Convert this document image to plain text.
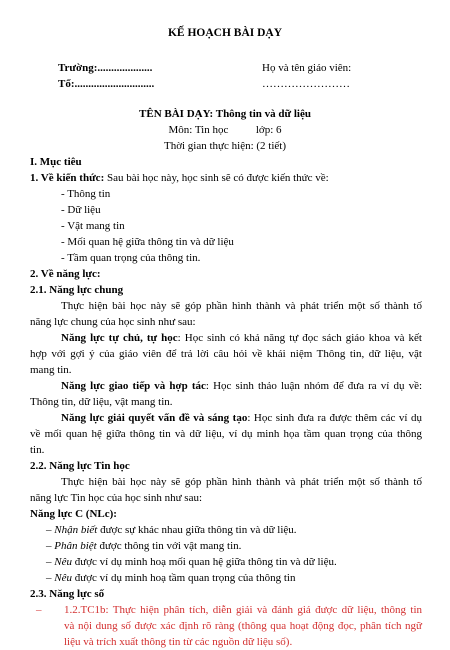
KẾ HOẠCH BÀI DẠY
Trường:....................
Tổ:.............................
Họ và tên giáo viên:
……………………
TÊN BÀI DẠY: Thông tin và dữ liệu
Môn: Tin học          lớp: 6
Thời gian thực hiện: (2 tiết)
I. Mục tiêu
1. Về kiến thức: Sau bài học này, học sinh sẽ có được kiến thức về:
- Thông tin
- Dữ liệu
- Vật mang tin
- Mối quan hệ giữa thông tin và dữ liệu
- Tầm quan trọng của thông tin.
2. Về năng lực:
2.1. Năng lực chung
Thực hiện bài học này sẽ góp phần hình thành và phát triển một số thành tố
năng lực chung của học sinh như sau:
Năng lực tự chủ, tự học: Học sinh có khả năng tự đọc sách giáo khoa và kết
hợp với gợi ý của giáo viên để trả lời câu hỏi về khái niệm Thông tin, dữ liệu, vật
mang tin.
Năng lực giao tiếp và hợp tác: Học sinh thảo luận nhóm để đưa ra ví dụ về:
Thông tin, dữ liệu, vật mang tin.
Năng lực giải quyết vấn đề và sáng tạo: Học sinh đưa ra được thêm các ví dụ
về mối quan hệ giữa thông tin và dữ liệu, ví dụ minh họa tầm quan trọng của thông
tin.
2.2. Năng lực Tin học
Thực hiện bài học này sẽ góp phần hình thành và phát triển một số thành tố
năng lực Tin học của học sinh như sau:
Năng lực C (NLc):
– Nhận biết được sự khác nhau giữa thông tin và dữ liệu.
– Phân biệt được thông tin với vật mang tin.
– Nêu được ví dụ minh hoạ mối quan hệ giữa thông tin và dữ liệu.
– Nêu được ví dụ minh hoạ tầm quan trọng của thông tin
2.3. Năng lực số
– 1.2.TC1b: Thực hiện phân tích, diễn giải và đánh giá được dữ liệu, thông tin
và nội dung số được xác định rõ ràng (thông qua hoạt động đọc, phân tích ngữ
liệu và trích xuất thông tin từ các nguồn dữ liệu số).
